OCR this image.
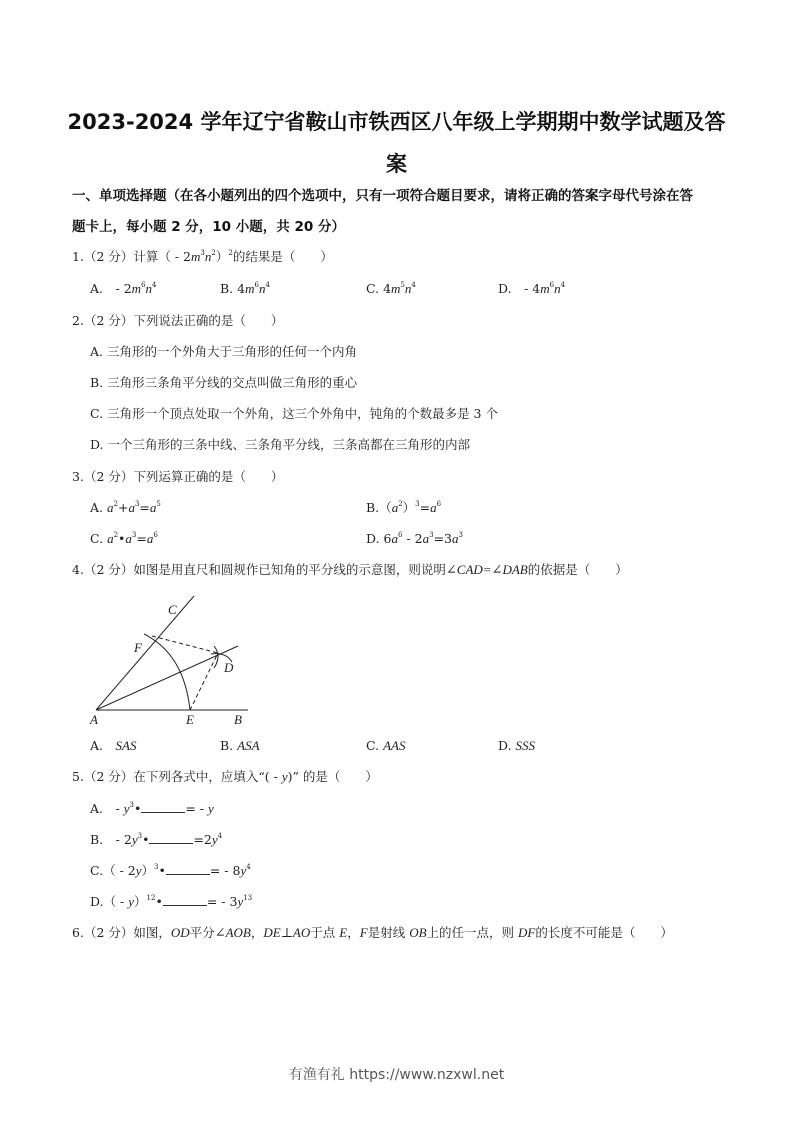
2023-2024 学年辽宁省鞍山市铁西区八年级上学期期中数学试题及答
案
一、单项选择题（在各小题列出的四个选项中，只有一项符合题目要求，请将正确的答案字母代号涂在答
题卡上，每小题 2 分，10 小题，共 20 分）
1.（2 分）计算（ - $2m^3n^2)^2$的结果是（　　）
A.　- $2m^6n^4$	B. $4m^6n^4$	C. $4m^5n^4$	D.　- $4m^6n^4$
2.（2 分）下列说法正确的是（　　）
A. 三角形的一个外角大于三角形的任何一个内角
B. 三角形三条角平分线的交点叫做三角形的重心
C. 三角形一个顶点处取一个外角，这三个外角中，钝角的个数最多是 3 个
D. 一个三角形的三条中线、三条角平分线，三条高都在三角形的内部
3.（2 分）下列运算正确的是（　　）
A. $a^2+a^3=a^5$	$B.(a^2)^3=a^6$
C. $a^2•a^3=a^6$	D. $6a^6 - 2a^3=3a^3$
4.（2 分）如图是用直尺和圆规作已知角的平分线的示意图，则说明∠CAD=∠DAB的依据是（　　）
C
F
D
A	E	B
A.　 SAS	B. ASA	C. AAS	D. SSS
5.（2 分）在下列各式中，应填入“( - y)” 的是（　　）
A.　- $y^3•$	= - y
B.　- $2y^3•$	$=2y^4$
C.（ - 2y）$^3$•	= - $8y^4$
D.（ - y）$^{12}$•	= - $3y^{13}$
6.（2 分）如图，OD平分∠AOB，DE⊥AO于点 E，F是射线 OB上的任一点，则 DF的长度不可能是（　　）
有渔有礼 https://www.nzxwl.net
